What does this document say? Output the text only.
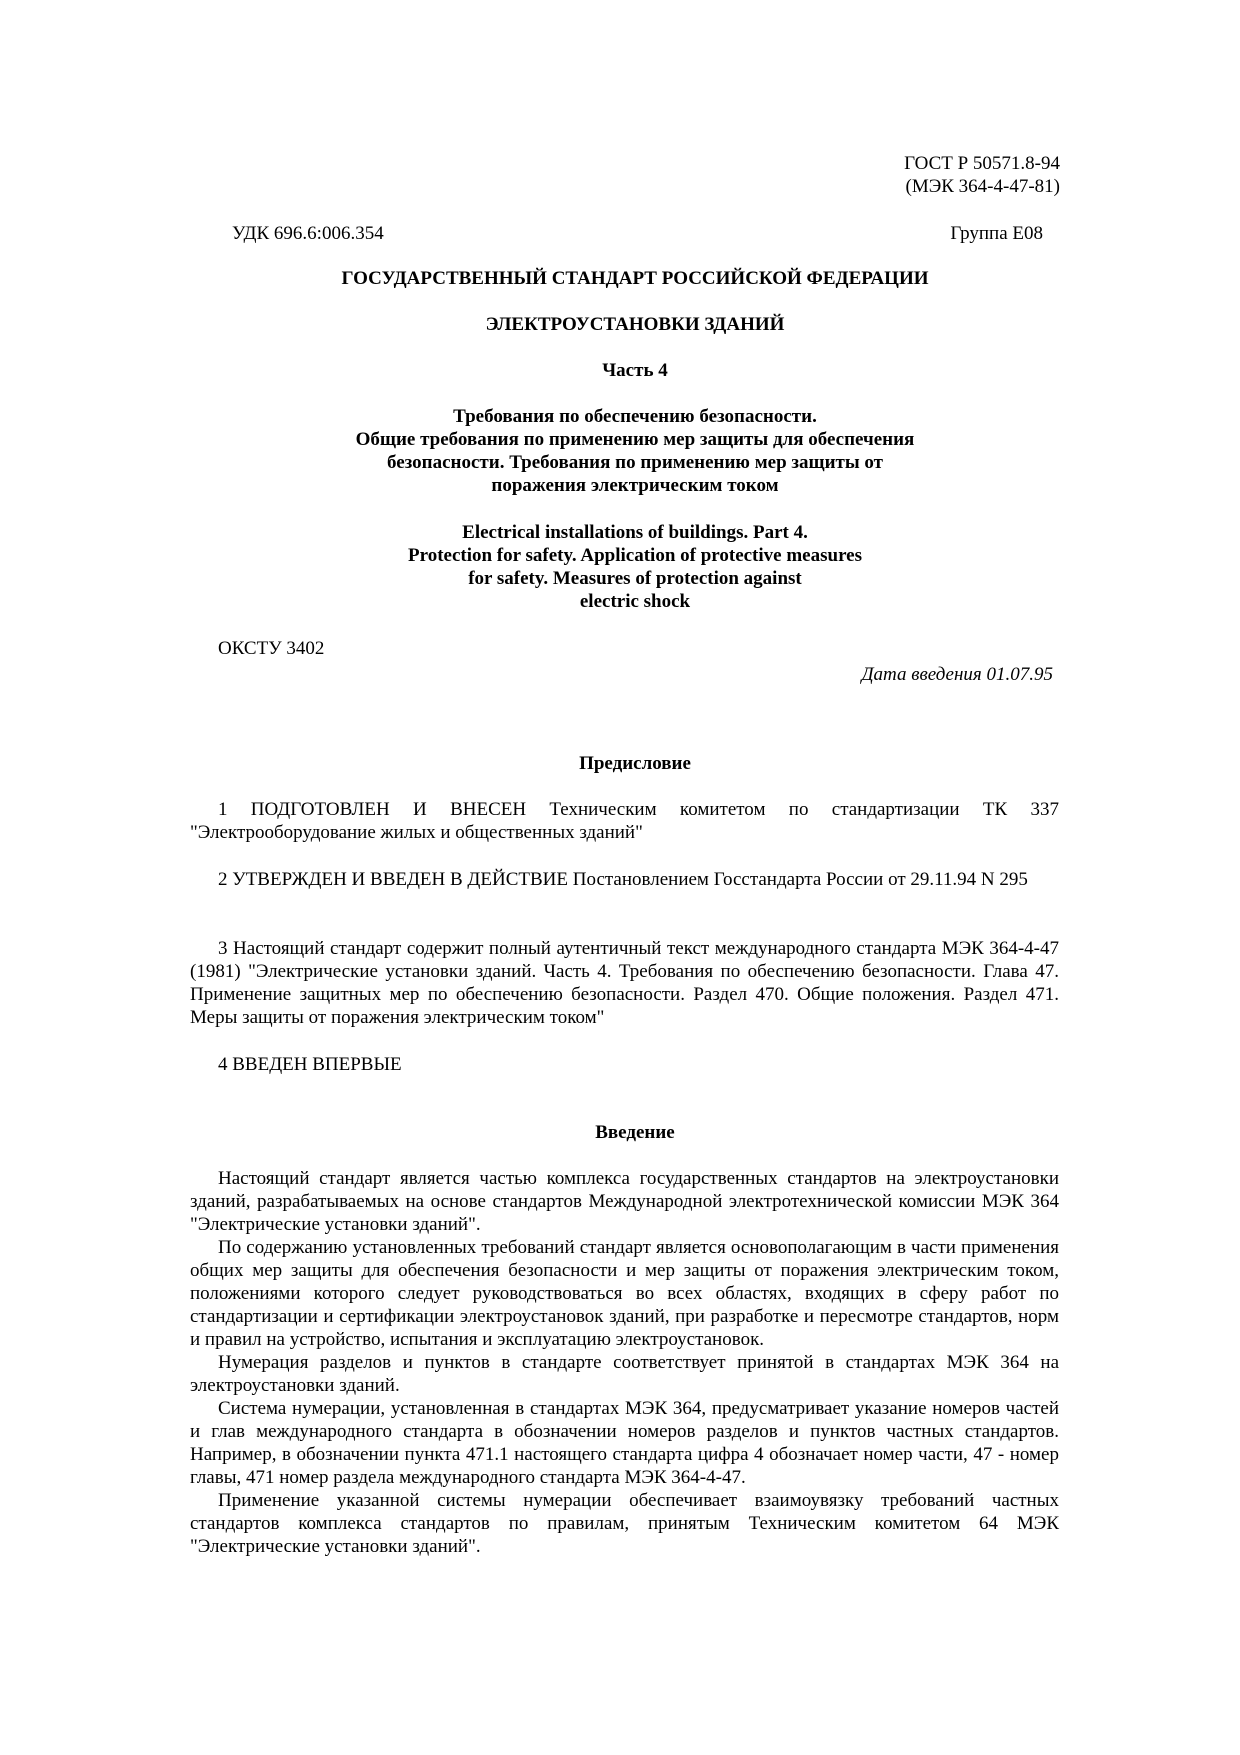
ГОСТ Р 50571.8-94
(МЭК 364-4-47-81)
УДК 696.6:006.354	Группа Е08
ГОСУДАРСТВЕННЫЙ СТАНДАРТ РОССИЙСКОЙ ФЕДЕРАЦИИ
ЭЛЕКТРОУСТАНОВКИ ЗДАНИЙ
Часть 4
Требования по обеспечению безопасности.
Общие требования по применению мер защиты для обеспечения
безопасности. Требования по применению мер защиты от
поражения электрическим током
Electrical installations of buildings. Part 4.
Protection for safety. Application of protective measures
for safety. Measures of protection against
electric shock
ОКСТУ 3402
Дата введения 01.07.95
Предисловие

1 ПОДГОТОВЛЕН И ВНЕСЕН Техническим комитетом по стандартизации ТК 337 "Электрооборудование жилых и общественных зданий"

2 УТВЕРЖДЕН И ВВЕДЕН В ДЕЙСТВИЕ Постановлением Госстандарта России от 29.11.94 N 295

3 Настоящий стандарт содержит полный аутентичный текст международного стандарта МЭК 364-4-47 (1981) "Электрические установки зданий. Часть 4. Требования по обеспечению безопасности. Глава 47. Применение защитных мер по обеспечению безопасности. Раздел 470. Общие положения. Раздел 471. Меры защиты от поражения электрическим током"

4 ВВЕДЕН ВПЕРВЫЕ

Введение

Настоящий стандарт является частью комплекса государственных стандартов на электроустановки зданий, разрабатываемых на основе стандартов Международной электротехнической комиссии МЭК 364 "Электрические установки зданий".

По содержанию установленных требований стандарт является основополагающим в части применения общих мер защиты для обеспечения безопасности и мер защиты от поражения электрическим током, положениями которого следует руководствоваться во всех областях, входящих в сферу работ по стандартизации и сертификации электроустановок зданий, при разработке и пересмотре стандартов, норм и правил на устройство, испытания и эксплуатацию электроустановок.

Нумерация разделов и пунктов в стандарте соответствует принятой в стандартах МЭК 364 на электроустановки зданий.

Система нумерации, установленная в стандартах МЭК 364, предусматривает указание номеров частей и глав международного стандарта в обозначении номеров разделов и пунктов частных стандартов. Например, в обозначении пункта 471.1 настоящего стандарта цифра 4 обозначает номер части, 47 - номер главы, 471 номер раздела международного стандарта МЭК 364-4-47.

Применение указанной системы нумерации обеспечивает взаимоувязку требований частных стандартов комплекса стандартов по правилам, принятым Техническим комитетом 64 МЭК "Электрические установки зданий".
